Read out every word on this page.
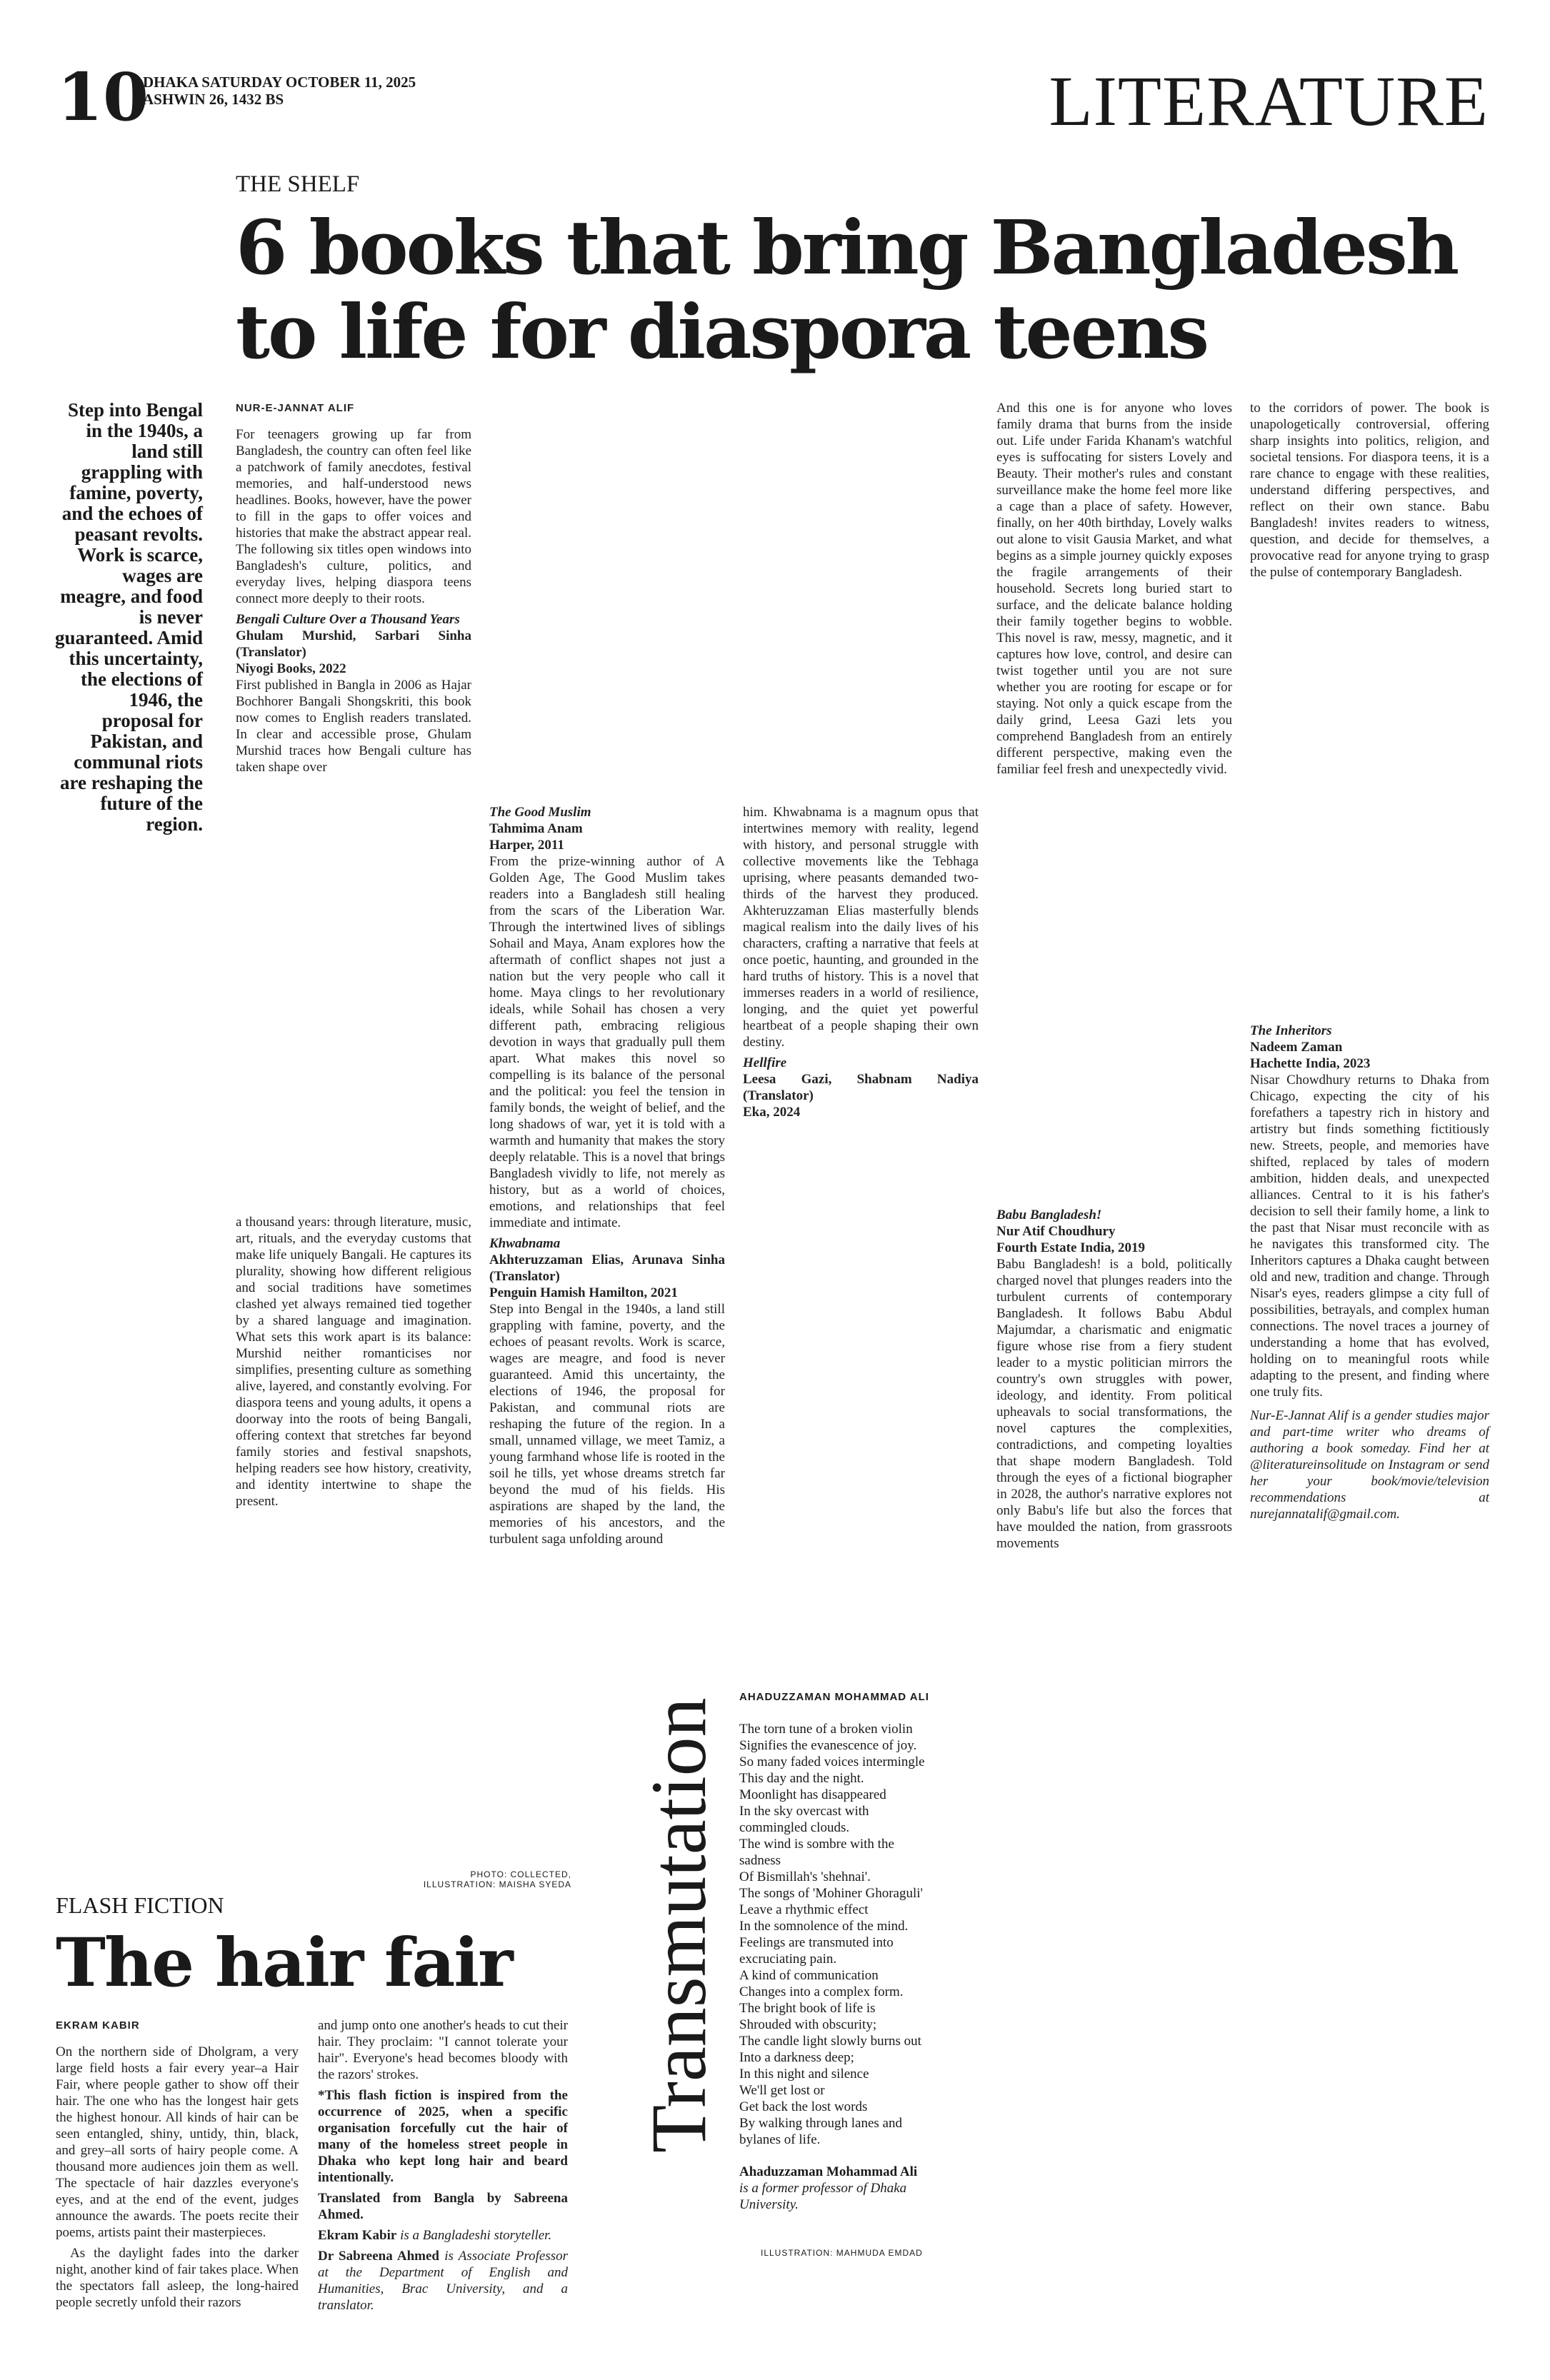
10
DHAKA SATURDAY OCTOBER 11, 2025
ASHWIN 26, 1432 BS	LITERATURE
THE SHELF
6 books that bring Bangladesh
to life for diaspora teens
Step into Bengal in the 1940s, a land still grappling with famine, poverty, and the echoes of peasant revolts. Work is scarce, wages are meagre, and food is never guaranteed. Amid this uncertainty, the elections of 1946, the proposal for Pakistan, and communal riots are reshaping the future of the region.

NUR-E-JANNAT ALIF

For teenagers growing up far from Bangladesh, the country can often feel like a patchwork of family anecdotes, festival memories, and half-understood news headlines. Books, however, have the power to fill in the gaps to offer voices and histories that make the abstract appear real. The following six titles open windows into Bangladesh's culture, politics, and everyday lives, helping diaspora teens connect more deeply to their roots.

Bengali Culture Over a Thousand Years
Ghulam Murshid, Sarbari Sinha (Translator)
Niyogi Books, 2022

First published in Bangla in 2006 as Hajar Bochhorer Bangali Shongskriti, this book now comes to English readers translated. In clear and accessible prose, Ghulam Murshid traces how Bengali culture has taken shape over

a thousand years: through literature, music, art, rituals, and the everyday customs that make life uniquely Bangali. He captures its plurality, showing how different religious and social traditions have sometimes clashed yet always remained tied together by a shared language and imagination. What sets this work apart is its balance: Murshid neither romanticises nor simplifies, presenting culture as something alive, layered, and constantly evolving. For diaspora teens and young adults, it opens a doorway into the roots of being Bangali, offering context that stretches far beyond family stories and festival snapshots, helping readers see how history, creativity, and identity intertwine to shape the present.

The Good Muslim
Tahmima Anam
Harper, 2011

From the prize-winning author of A Golden Age, The Good Muslim takes readers into a Bangladesh still healing from the scars of the Liberation War. Through the intertwined lives of siblings Sohail and Maya, Anam explores how the aftermath of conflict shapes not just a nation but the very people who call it home. Maya clings to her revolutionary ideals, while Sohail has chosen a very different path, embracing religious devotion in ways that gradually pull them apart. What makes this novel so compelling is its balance of the personal and the political: you feel the tension in family bonds, the weight of belief, and the long shadows of war, yet it is told with a warmth and humanity that makes the story deeply relatable. This is a novel that brings Bangladesh vividly to life, not merely as history, but as a world of choices, emotions, and relationships that feel immediate and intimate.

Khwabnama
Akhteruzzaman Elias, Arunava Sinha (Translator)
Penguin Hamish Hamilton, 2021

Step into Bengal in the 1940s, a land still grappling with famine, poverty, and the echoes of peasant revolts. Work is scarce, wages are meagre, and food is never guaranteed. Amid this uncertainty, the elections of 1946, the proposal for Pakistan, and communal riots are reshaping the future of the region. In a small, unnamed village, we meet Tamiz, a young farmhand whose life is rooted in the soil he tills, yet whose dreams stretch far beyond the mud of his fields. His aspirations are shaped by the land, the memories of his ancestors, and the turbulent saga unfolding around

him. Khwabnama is a magnum opus that intertwines memory with reality, legend with history, and personal struggle with collective movements like the Tebhaga uprising, where peasants demanded two-thirds of the harvest they produced. Akhteruzzaman Elias masterfully blends magical realism into the daily lives of his characters, crafting a narrative that feels at once poetic, haunting, and grounded in the hard truths of history. This is a novel that immerses readers in a world of resilience, longing, and the quiet yet powerful heartbeat of a people shaping their own destiny.

Hellfire
Leesa Gazi, Shabnam Nadiya (Translator)
Eka, 2024

And this one is for anyone who loves family drama that burns from the inside out. Life under Farida Khanam's watchful eyes is suffocating for sisters Lovely and Beauty. Their mother's rules and constant surveillance make the home feel more like a cage than a place of safety. However, finally, on her 40th birthday, Lovely walks out alone to visit Gausia Market, and what begins as a simple journey quickly exposes the fragile arrangements of their household. Secrets long buried start to surface, and the delicate balance holding their family together begins to wobble. This novel is raw, messy, magnetic, and it captures how love, control, and desire can twist together until you are not sure whether you are rooting for escape or for staying. Not only a quick escape from the daily grind, Leesa Gazi lets you comprehend Bangladesh from an entirely different perspective, making even the familiar feel fresh and unexpectedly vivid.

Babu Bangladesh!
Nur Atif Choudhury
Fourth Estate India, 2019

Babu Bangladesh! is a bold, politically charged novel that plunges readers into the turbulent currents of contemporary Bangladesh. It follows Babu Abdul Majumdar, a charismatic and enigmatic figure whose rise from a fiery student leader to a mystic politician mirrors the country's own struggles with power, ideology, and identity. From political upheavals to social transformations, the novel captures the complexities, contradictions, and competing loyalties that shape modern Bangladesh. Told through the eyes of a fictional biographer in 2028, the author's narrative explores not only Babu's life but also the forces that have moulded the nation, from grassroots movements

to the corridors of power. The book is unapologetically controversial, offering sharp insights into politics, religion, and societal tensions. For diaspora teens, it is a rare chance to engage with these realities, understand differing perspectives, and reflect on their own stance. Babu Bangladesh! invites readers to witness, question, and decide for themselves, a provocative read for anyone trying to grasp the pulse of contemporary Bangladesh.

The Inheritors
Nadeem Zaman
Hachette India, 2023

Nisar Chowdhury returns to Dhaka from Chicago, expecting the city of his forefathers a tapestry rich in history and artistry but finds something fictitiously new. Streets, people, and memories have shifted, replaced by tales of modern ambition, hidden deals, and unexpected alliances. Central to it is his father's decision to sell their family home, a link to the past that Nisar must reconcile with as he navigates this transformed city. The Inheritors captures a Dhaka caught between old and new, tradition and change. Through Nisar's eyes, readers glimpse a city full of possibilities, betrayals, and complex human connections. The novel traces a journey of understanding a home that has evolved, holding on to meaningful roots while adapting to the present, and finding where one truly fits.

Nur-E-Jannat Alif is a gender studies major and part-time writer who dreams of authoring a book someday. Find her at @literatureinsolitude on Instagram or send her your book/movie/television recommendations at nurejannatalif@gmail.com.

PHOTO: COLLECTED,
ILLUSTRATION: MAISHA SYEDA
FLASH FICTION
The hair fair

EKRAM KABIR

On the northern side of Dholgram, a very large field hosts a fair every year–a Hair Fair, where people gather to show off their hair. The one who has the longest hair gets the highest honour. All kinds of hair can be seen entangled, shiny, untidy, thin, black, and grey–all sorts of hairy people come. A thousand more audiences join them as well. The spectacle of hair dazzles everyone's eyes, and at the end of the event, judges announce the awards. The poets recite their poems, artists paint their masterpieces.

As the daylight fades into the darker night, another kind of fair takes place. When the spectators fall asleep, the long-haired people secretly unfold their razors

and jump onto one another's heads to cut their hair. They proclaim: "I cannot tolerate your hair". Everyone's head becomes bloody with the razors' strokes.

*This flash fiction is inspired from the occurrence of 2025, when a specific organisation forcefully cut the hair of many of the homeless street people in Dhaka who kept long hair and beard intentionally.

Translated from Bangla by Sabreena Ahmed.

Ekram Kabir is a Bangladeshi storyteller.

Dr Sabreena Ahmed is Associate Professor at the Department of English and Humanities, Brac University, and a translator.

Transmutation
AHADUZZAMAN MOHAMMAD ALI
The torn tune of a broken violin
Signifies the evanescence of joy.
So many faded voices intermingle
This day and the night.
Moonlight has disappeared
In the sky overcast with
commingled clouds.
The wind is sombre with the
sadness
Of Bismillah's 'shehnai'.
The songs of 'Mohiner Ghoraguli'
Leave a rhythmic effect
In the somnolence of the mind.
Feelings are transmuted into
excruciating pain.
A kind of communication
Changes into a complex form.
The bright book of life is
Shrouded with obscurity;
The candle light slowly burns out
Into a darkness deep;
In this night and silence
We'll get lost or
Get back the lost words
By walking through lanes and
bylanes of life.
Ahaduzzaman Mohammad Ali
is a former professor of Dhaka University.
ILLUSTRATION: MAHMUDA EMDAD
